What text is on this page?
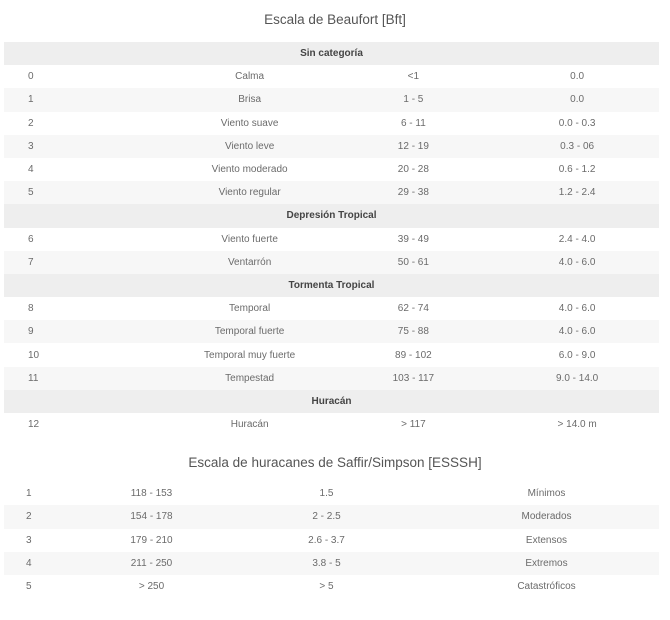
Escala de Beaufort [Bft]
Sin categoría			
0	Calma	<1	0.0
1	Brisa	1 - 5	0.0
2	Viento suave	6 - 11	0.0 - 0.3
3	Viento leve	12 - 19	0.3 - 06
4	Viento moderado	20 - 28	0.6 - 1.2
5	Viento regular	29 - 38	1.2 - 2.4
Depresión Tropical			
6	Viento fuerte	39 - 49	2.4 - 4.0
7	Ventarrón	50 - 61	4.0 - 6.0
Tormenta Tropical			
8	Temporal	62 - 74	4.0 - 6.0
9	Temporal fuerte	75 - 88	4.0 - 6.0
10	Temporal muy fuerte	89 - 102	6.0 - 9.0
11	Tempestad	103 - 117	9.0 - 14.0
Huracán			
12	Huracán	> 117	> 14.0 m
Escala de huracanes de Saffir/Simpson [ESSSH]
1	118 - 153	1.5	Mínimos
2	154 - 178	2 - 2.5	Moderados
3	179 - 210	2.6 - 3.7	Extensos
4	211 - 250	3.8 - 5	Extremos
5	> 250	> 5	Catastróficos
